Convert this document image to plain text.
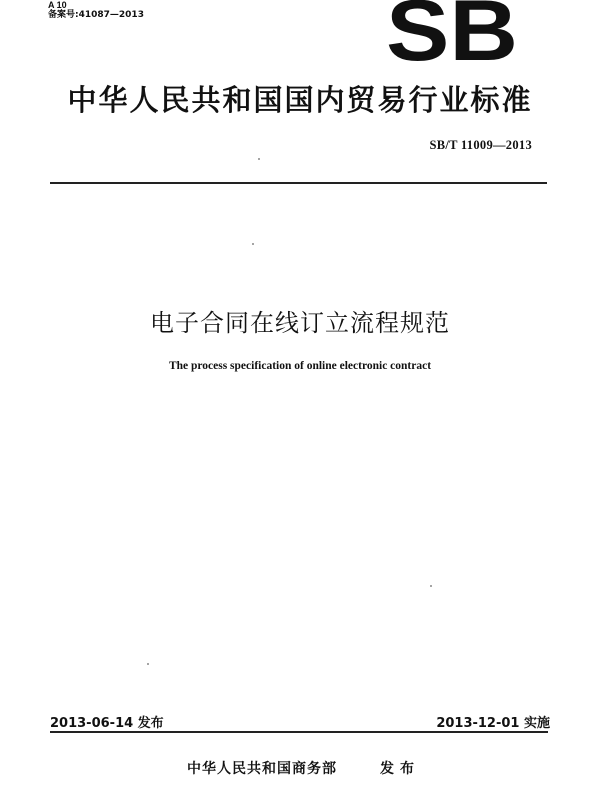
A 10
备案号:41087—2013	SB
中华人民共和国国内贸易行业标准
SB/T 11009—2013
电子合同在线订立流程规范
The process specification of online electronic contract
2013-06-14 发布	2013-12-01 实施
中华人民共和国商务部	发布
